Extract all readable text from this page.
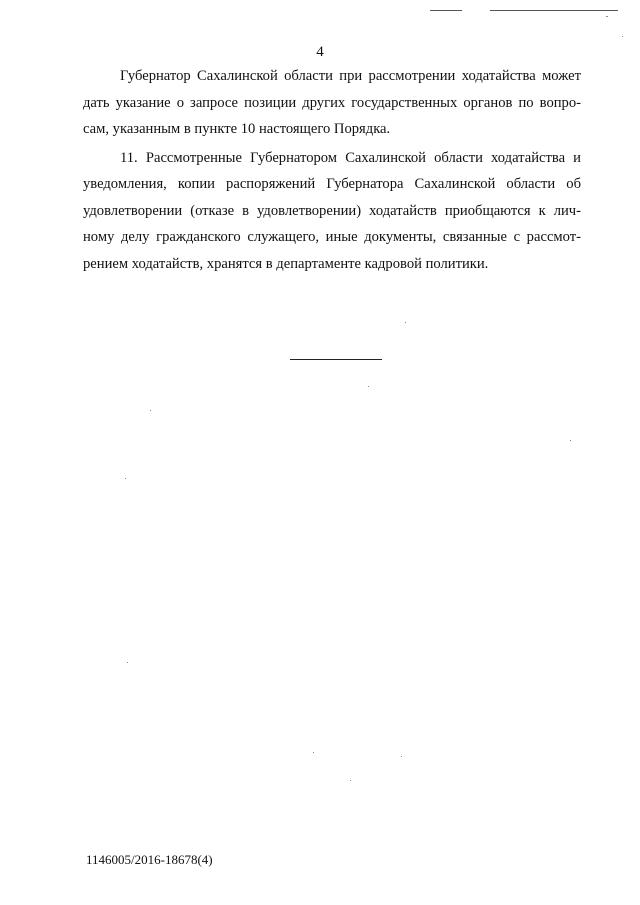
4
Губернатор Сахалинской области при рассмотрении ходатайства может
дать указание о запросе позиции других государственных органов по вопро-
сам, указанным в пункте 10 настоящего Порядка.
11. Рассмотренные Губернатором Сахалинской области ходатайства и
уведомления, копии распоряжений Губернатора Сахалинской области об
удовлетворении (отказе в удовлетворении) ходатайств приобщаются к лич-
ному делу гражданского служащего, иные документы, связанные с рассмот-
рением ходатайств, хранятся в департаменте кадровой политики.
1146005/2016-18678(4)
